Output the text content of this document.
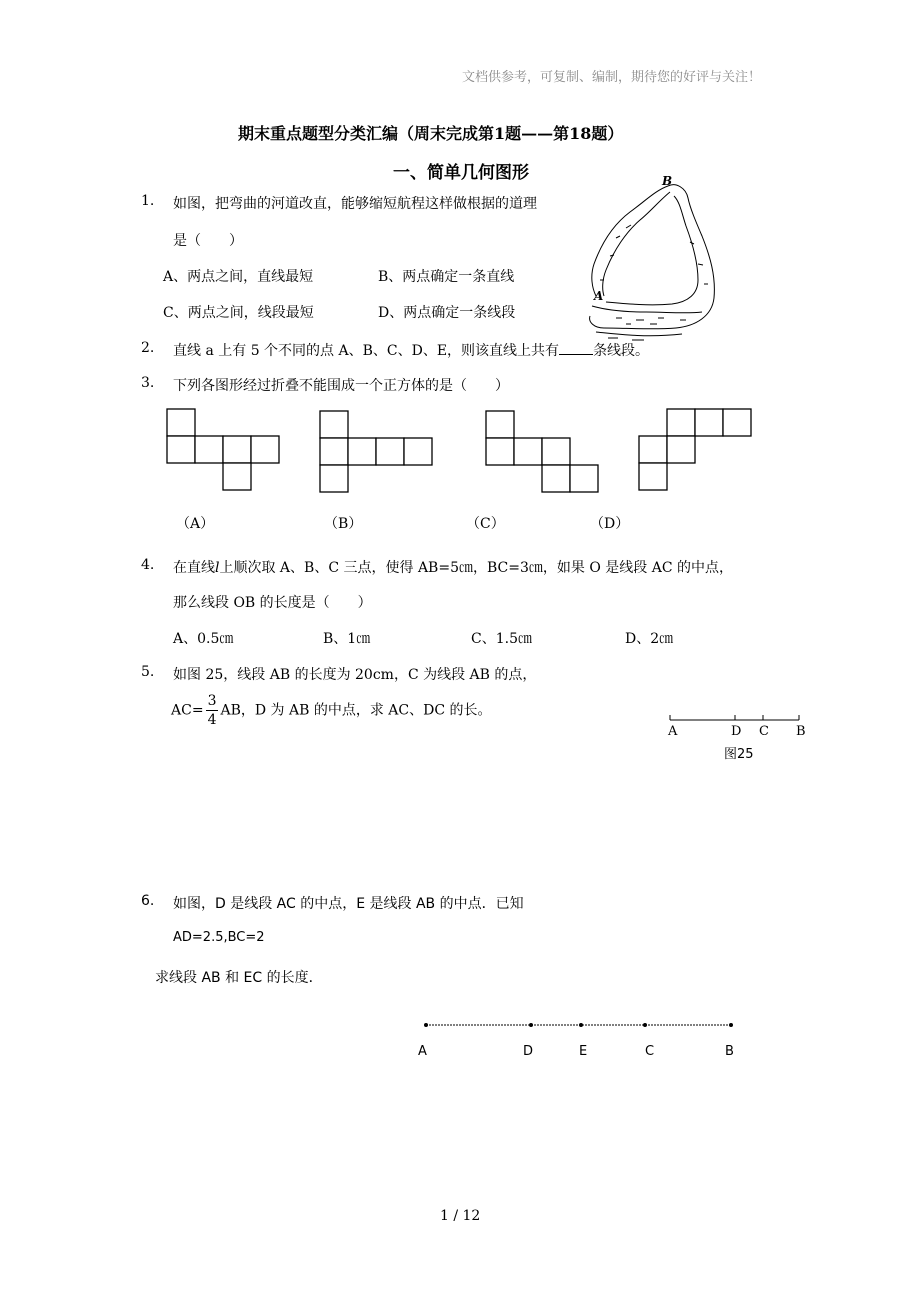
文档供参考，可复制、编制，期待您的好评与关注！
期末重点题型分类汇编（周末完成第1题——第18题）
一、简单几何图形
1. 如图，把弯曲的河道改直，能够缩短航程这样做根据的道理
是（　　）
A、两点之间，直线最短	B、两点确定一条直线
C、两点之间，线段最短	D、两点确定一条线段
B
A
2. 直线 a 上有 5 个不同的点 A、B、C、D、E，则该直线上共有 条线段。
3. 下列各图形经过折叠不能围成一个正方体的是（　　）
（A）	（B）	（C）	（D）
4. 在直线l上顺次取 A、B、C 三点，使得 AB=5㎝，BC=3㎝，如果 O 是线段 AC 的中点，
那么线段 OB 的长度是（　　）
A、0.5㎝	B、1㎝	C、1.5㎝	D、2㎝
5. 如图 25，线段 AB 的长度为 20cm，C 为线段 AB 的点，
$AC= \frac{3}{4}$ AB，D 为 AB 的中点，求 AC、DC 的长。
A	D C B
图25
6. 如图，D 是线段 AC 的中点，E 是线段 AB 的中点．已知
AD=2.5,BC=2
求线段 AB 和 EC 的长度．
A	D	E	C	B
1 / 12
